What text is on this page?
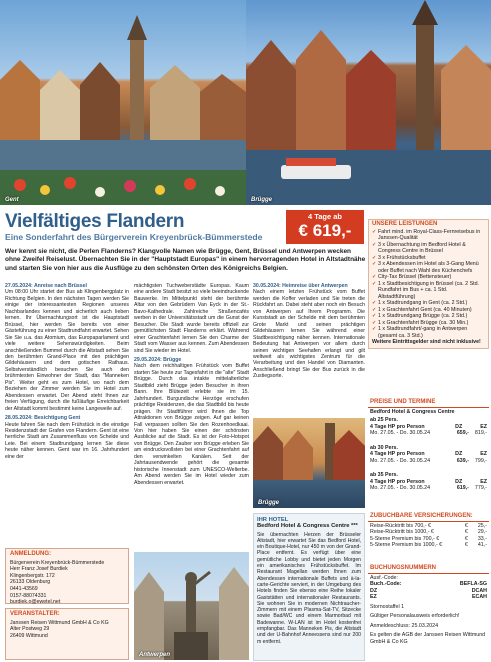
Gent	Brügge
Vielfältiges Flandern
Eine Sonderfahrt des Bürgerverein Kreyenbrück-Bümmerstede
4 Tage ab
€ 619,-
Wer kennt sie nicht, die Perlen Flanderns? Klangvolle Namen wie Brügge, Gent, Brüssel und Antwerpen wecken ohne Zweifel Reiselust. Übernachten Sie in der "Hauptstadt Europas" in einem hervorragenden Hotel in Altstadtnähe und starten Sie von hier aus die Ausflüge zu den schönsten Orten des Königreichs Belgien.

27.05.2024: Anreise nach Brüssel
Um 08:00 Uhr startet der Bus ab Klingenbergplatz in Richtung Belgien. In den nächsten Tagen werden Sie einige der interessantesten Regionen unseres Nachbarlandes kennen und sicherlich auch lieben lernen. Ihr Übernachtungsort ist die Hauptstadt Brüssel, hier werden Sie bereits von einer Gästeführung zu einer Stadtrundfahrt erwartet. Sehen Sie Sie u.a. das Atomium, das Europaparlament und viele weitere Sehenswürdigkeiten. Beim anschließenden Bummel durch die Altstadt sehen Sie den berühmten Grand-Place mit den prächtigen Gildehäusern und dem gotischen Rathaus. Selbstverständlich besuchen Sie auch den brühmtesten Einwohner der Stadt, das "Manneken Pis". Weiter geht es zum Hotel, wo nach dem Beziehen der Zimmer werden Sie im Hotel zum Abendessen erwartet. Der Abend steht Ihnen zur freien Verfügung, durch die fußläufige Erreichbarkeit der Altstadt kommt bestimmt keine Langeweile auf.

28.05.2024: Besichtigung Gent
Heute fahren Sie nach dem Frühstück in die einstige Residenzstadt der Grafen von Flandern. Gent ist eine herrliche Stadt am Zusammenfluss von Schelde und Leie. Bei einem Stadtrundgang lernen Sie diese heute näher kennen. Gent war im 16. Jahrhundert eine der

ANMELDUNG:
Bürgerverein Kreyenbrück-Bümmerstede
Herr Franz Josef Burdiek
Klingenbergstr. 172
26133 Oldenburg
0441-43569
0157-88074331
burdiek.o@ewetel.net
VERANSTALTER:
Janssen Reisen Wittmund GmbH & Co KG
Alter Postweg 29
26409 Wittmund

mächtigsten Tuchweberstädte Europas. Kaum eine andere Stadt besitzt so viele beeindruckende Bauwerke. Im Mittelpunkt steht der berühmte Altar von den Gebrüdern Van Eyck in der St.-Bavo-Kathedrale. Zahlreiche Straßencafés werben in der Universitätsstadt um die Gunst der Besucher. Die Stadt wurde bereits offiziell zur gemütlichsten Stadt Flanderns erklärt. Während einer Grachtenfahrt lernen Sie den Charme der Stadt vom Wasser aus kennen. Zum Abendessen sind Sie wieder im Hotel.

29.05.2024: Brügge
Nach dem reichhaltigen Frühstück vom Buffet starten Sie heute zur Tagesfahrt in die "alte" Stadt Brügge. Durch das intakte mittelalterliche Stadtbild zieht Brügge jeden Besucher in ihren Bann. Ihre Blütezeit erlebte sie im 15. Jahrhundert. Burgundische Herzöge erschufen prächtige Residenzen, die das Stadtbild bis heute prägen. Ihr Stadtführer wird Ihnen die Top Attraktionen von Brügge zeigen. Auf gar keinen Fall verpassen sollten Sie den Rozenhoedkaai. Von hier haben Sie einen der schönsten Ausblicke auf die Stadt. Es ist der Foto-Hotspot von Brügge. Den Zauber von Brügge erleben Sie am eindrucksvollsten bei einer Grachtenfahrt auf den verwinkelten Kanälen. Seit der Jahrtausendwende gehört die gesamte historische Innenstadt zum UNESCO-Welterbe. Am Abend werden Sie im Hotel wieder zum Abendessen erwartet.

Antwerpen

30.05.2024: Heimreise über Antwerpen
Nach einem letzten Frühstück vom Buffet werden die Koffer verladen und Sie treten die Rückfahrt an. Dabei steht aber noch ein Besuch von Antwerpen auf Ihrem Programm. Die Kunststadt an der Schelde mit dem berühmten Grote Markt und seinen prächtigen Gildehäusern lernen Sie während einer Stadtbesichtigung näher kennen. Internationale Bedeutung hat Antwerpen vor allem durch seinen wichtigen Seehafen erlangt und gilt weltweit als wichtigstes Zentrum für die Verarbeitung und den Handel von Diamanten. Anschließend bringt Sie der Bus zurück in die Zustiegsorte.

Brügge
IHR HOTEL
Bedford Hotel & Congress Centre ***
Sie übernachten Herzen der Brüsseler Altstadt, hier erwartet Sie das Bedford Hotel, ein Boutique-Hotel, nur 450 m von der Grand-Place entfernt. Es verfügt über eine gemütliche Lobby und bietet jeden Morgen ein amerikanisches Frühstücksbuffet. Im Restaurant Magellan werden Ihnen zum Abendessen internationale Buffets und à-la-carte-Gerichte serviert, in der Umgebung des Hotels finden Sie ebenso eine Reihe lokaler Gaststätten und internationaler Restaurants. Sie wohnen Sie in modernen Nichtraucher-Zimmern mit einem Plasma-Sat-TV, Sitzecke sowie Bad/WC und einem Marmorbad mit Badewanne. W-LAN ist im Hotel kostenfrei empfangbar. Das Manneken Pis, die Altstadt und der U-Bahnhof Anneessens sind nur 200 m entfernt.
UNSERE LEISTUNGEN
✓ Fahrt mind. im Royal-Class-Fernreisebus in Janssen-Qualität
✓ 3 x Übernachtung im Bedford Hotel & Congress Centre in Brüssel
✓ 3 x Frühstücksbuffet
✓ 3 x Abendessen im Hotel als 3-Gang Menü oder Buffet nach Wahl des Küchenchefs
✓ City-Tax Brüssel (Bettensteuer)
✓ 1 x Stadtbesichtigung in Brüssel (ca. 2 Std. Rundfahrt im Bus + ca. 1 Std. Altstadtführung)
✓ 1 x Stadtrundgang in Gent (ca. 2 Std.)
✓ 1 x Grachtenfahrt Gent (ca. 40 Minuten)
✓ 1 x Stadtrundgang Brügge (ca. 2 Std.)
✓ 1 x Grachtenfahrt Brügge (ca. 30 Min.)
✓ 1 x Stadtrundfahrt/-gang in Antwerpen (gesamt ca. 3 Std.)
Weitere Eintrittsgelder sind nicht inklusive!
PREISE UND TERMINE
Bedford Hotel & Congress Centre
ab 25 Pers.
4 Tage HP pro Person	DZ	EZ
Mo. 27.05. - Do. 30.05.24	659,- 819,-
ab 30 Pers.
4 Tage HP pro Person	DZ	EZ
Mo. 27.05. - Do. 30.05.24	639,- 799,-
ab 35 Pers.
4 Tage HP pro Person	DZ	EZ
Mo. 27.05. - Do. 30.05.24	619,- 779,-
ZUBUCHBARE VERSICHERUNGEN:
Reise-Rücktritt bis 700,- €	€ 25,-
Reise-Rücktritt bis 1000,- €	€ 29,-
5-Sterne Premium bis 700,- €	€ 33,-
5-Sterne Premium bis 1000,- €	€ 41,-
BUCHUNGSNUMMERN
Ausf.-Code:
Buch.-Code:	BEFLA-SG
DZ	DCAH
EZ	ECAH
Stornostaffel 1
Gültiger Personalausweis erforderlich!
Anmeldeschluss: 25.03.2024
Es gelten die AGB der Janssen Reisen Wittmund GmbH & Co KG
